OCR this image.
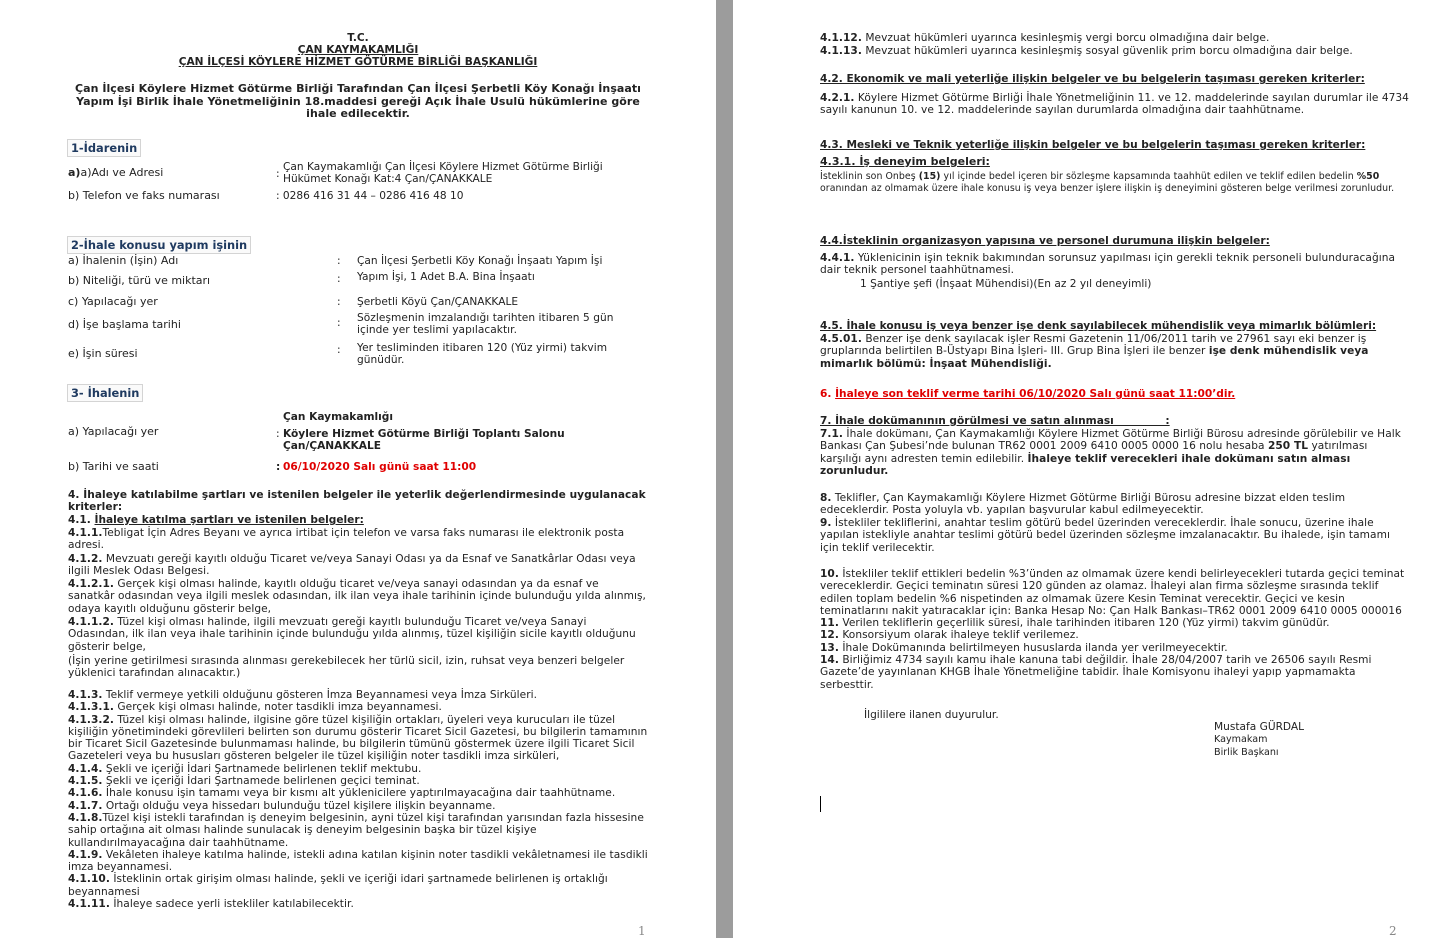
T.C.
ÇAN KAYMAKAMLIĞI
ÇAN İLÇESİ KÖYLERE HİZMET GÖTÜRME BİRLİĞİ BAŞKANLIĞI
Çan İlçesi Köylere Hizmet Götürme Birliği Tarafından Çan İlçesi Şerbetli Köy Konağı İnşaatı Yapım İşi Birlik İhale Yönetmeliğinin 18.maddesi gereği Açık İhale Usulü hükümlerine göre ihale edilecektir.
1-İdarenin
a)a)Adı ve Adresi	:
Çan Kaymakamlığı Çan İlçesi Köylere Hizmet Götürme Birliği
Hükümet Konağı Kat:4 Çan/ÇANAKKALE
b) Telefon ve faks numarası	: 0286 416 31 44 – 0286 416 48 10
2-İhale konusu yapım işinin
a) İhalenin (İşin) Adı	: Çan İlçesi Şerbetli Köy Konağı İnşaatı Yapım İşi
b) Niteliği, türü ve miktarı	: Yapım İşi, 1 Adet B.A. Bina İnşaatı
c) Yapılacağı yer	: Şerbetli Köyü Çan/ÇANAKKALE
d) İşe başlama tarihi	: Sözleşmenin imzalandığı tarihten itibaren 5 gün içinde yer teslimi yapılacaktır.
e) İşin süresi	: Yer tesliminden itibaren 120 (Yüz yirmi) takvim günüdür.
3- İhalenin
Çan Kaymakamlığı
a) Yapılacağı yer	: Köylere Hizmet Götürme Birliği Toplantı Salonu
Çan/ÇANAKKALE
b) Tarihi ve saati	: 06/10/2020 Salı günü saat 11:00
4. İhaleye katılabilme şartları ve istenilen belgeler ile yeterlik değerlendirmesinde uygulanacak kriterler:
4.1. İhaleye katılma şartları ve istenilen belgeler:
4.1.1.Tebligat İçin Adres Beyanı ve ayrıca irtibat için telefon ve varsa faks numarası ile elektronik posta adresi.
4.1.2. Mevzuatı gereği kayıtlı olduğu Ticaret ve/veya Sanayi Odası ya da Esnaf ve Sanatkârlar Odası veya ilgili Meslek Odası Belgesi.
4.1.2.1. Gerçek kişi olması halinde, kayıtlı olduğu ticaret ve/veya sanayi odasından ya da esnaf ve sanatkâr odasından veya ilgili meslek odasından, ilk ilan veya ihale tarihinin içinde bulunduğu yılda alınmış, odaya kayıtlı olduğunu gösterir belge,
4.1.1.2. Tüzel kişi olması halinde, ilgili mevzuatı gereği kayıtlı bulunduğu Ticaret ve/veya Sanayi Odasından, ilk ilan veya ihale tarihinin içinde bulunduğu yılda alınmış, tüzel kişiliğin sicile kayıtlı olduğunu gösterir belge,
(İşin yerine getirilmesi sırasında alınması gerekebilecek her türlü sicil, izin, ruhsat veya benzeri belgeler yüklenici tarafından alınacaktır.)
4.1.3. Teklif vermeye yetkili olduğunu gösteren İmza Beyannamesi veya İmza Sirküleri.
4.1.3.1. Gerçek kişi olması halinde, noter tasdikli imza beyannamesi.
4.1.3.2. Tüzel kişi olması halinde, ilgisine göre tüzel kişiliğin ortakları, üyeleri veya kurucuları ile tüzel kişiliğin yönetimindeki görevlileri belirten son durumu gösterir Ticaret Sicil Gazetesi, bu bilgilerin tamamının bir Ticaret Sicil Gazetesinde bulunmaması halinde, bu bilgilerin tümünü göstermek üzere ilgili Ticaret Sicil Gazeteleri veya bu hususları gösteren belgeler ile tüzel kişiliğin noter tasdikli imza sirküleri,
4.1.4. Şekli ve içeriği İdari Şartnamede belirlenen teklif mektubu.
4.1.5. Şekli ve içeriği İdari Şartnamede belirlenen geçici teminat.
4.1.6. İhale konusu işin tamamı veya bir kısmı alt yüklenicilere yaptırılmayacağına dair taahhütname.
4.1.7. Ortağı olduğu veya hissedarı bulunduğu tüzel kişilere ilişkin beyanname.
4.1.8.Tüzel kişi istekli tarafından iş deneyim belgesinin, ayni tüzel kişi tarafından yarısından fazla hissesine sahip ortağına ait olması halinde sunulacak iş deneyim belgesinin başka bir tüzel kişiye kullandırılmayacağına dair taahhütname.
4.1.9. Vekâleten ihaleye katılma halinde, istekli adına katılan kişinin noter tasdikli vekâletnamesi ile tasdikli imza beyannamesi.
4.1.10. İsteklinin ortak girişim olması halinde, şekli ve içeriği idari şartnamede belirlenen iş ortaklığı beyannamesi
4.1.11. İhaleye sadece yerli istekliler katılabilecektir.
1
4.1.12. Mevzuat hükümleri uyarınca kesinleşmiş vergi borcu olmadığına dair belge.
4.1.13. Mevzuat hükümleri uyarınca kesinleşmiş sosyal güvenlik prim borcu olmadığına dair belge.
4.2. Ekonomik ve mali yeterliğe ilişkin belgeler ve bu belgelerin taşıması gereken kriterler:
4.2.1. Köylere Hizmet Götürme Birliği İhale Yönetmeliğinin 11. ve 12. maddelerinde sayılan durumlar ile 4734 sayılı kanunun 10. ve 12. maddelerinde sayılan durumlarda olmadığına dair taahhütname.
4.3. Mesleki ve Teknik yeterliğe ilişkin belgeler ve bu belgelerin taşıması gereken kriterler:
4.3.1. İş deneyim belgeleri:
İsteklinin son Onbeş (15) yıl içinde bedel içeren bir sözleşme kapsamında taahhüt edilen ve teklif edilen bedelin %50 oranından az olmamak üzere ihale konusu iş veya benzer işlere ilişkin iş deneyimini gösteren belge verilmesi zorunludur.
4.4.İsteklinin organizasyon yapısına ve personel durumuna ilişkin belgeler:
4.4.1. Yüklenicinin işin teknik bakımından sorunsuz yapılması için gerekli teknik personeli bulunduracağına dair teknik personel taahhütnamesi.
1 Şantiye şefi (İnşaat Mühendisi)(En az 2 yıl deneyimli)
4.5. İhale konusu iş veya benzer işe denk sayılabilecek mühendislik veya mimarlık bölümleri:
4.5.01. Benzer işe denk sayılacak işler Resmi Gazetenin 11/06/2011 tarih ve 27961 sayı eki benzer iş gruplarında belirtilen B-Üstyapı Bina İşleri- III. Grup Bina İşleri ile benzer işe denk mühendislik veya mimarlık bölümü: İnşaat Mühendisliği.
6. İhaleye son teklif verme tarihi 06/10/2020 Salı günü saat 11:00’dir.
7. İhale dokümanının görülmesi ve satın alınması              :
7.1. İhale dokümanı, Çan Kaymakamlığı Köylere Hizmet Götürme Birliği Bürosu adresinde görülebilir ve Halk Bankası Çan Şubesi’nde bulunan TR62 0001 2009 6410 0005 0000 16 nolu hesaba 250 TL yatırılması karşılığı aynı adresten temin edilebilir. İhaleye teklif verecekleri ihale dokümanı satın alması zorunludur.
8. Teklifler, Çan Kaymakamlığı Köylere Hizmet Götürme Birliği Bürosu adresine bizzat elden teslim edeceklerdir. Posta yoluyla vb. yapılan başvurular kabul edilmeyecektir.
9. İstekliler tekliflerini, anahtar teslim götürü bedel üzerinden vereceklerdir. İhale sonucu, üzerine ihale yapılan istekliyle anahtar teslimi götürü bedel üzerinden sözleşme imzalanacaktır. Bu ihalede, işin tamamı için teklif verilecektir.
10. İstekliler teklif ettikleri bedelin %3’ünden az olmamak üzere kendi belirleyecekleri tutarda geçici teminat vereceklerdir. Geçici teminatın süresi 120 günden az olamaz. İhaleyi alan firma sözleşme sırasında teklif edilen toplam bedelin %6 nispetinden az olmamak üzere Kesin Teminat verecektir. Geçici ve kesin teminatlarını nakit yatıracaklar için: Banka Hesap No: Çan Halk Bankası–TR62 0001 2009 6410 0005 000016
11. Verilen tekliflerin geçerlilik süresi, ihale tarihinden itibaren 120 (Yüz yirmi) takvim günüdür.
12. Konsorsiyum olarak ihaleye teklif verilemez.
13. İhale Dokümanında belirtilmeyen hususlarda ilanda yer verilmeyecektir.
14. Birliğimiz 4734 sayılı kamu ihale kanuna tabi değildir. İhale 28/04/2007 tarih ve 26506 sayılı Resmi Gazete’de yayınlanan KHGB İhale Yönetmeliğine tabidir. İhale Komisyonu ihaleyi yapıp yapmamakta serbesttir.
İlgililere ilanen duyurulur.
Mustafa GÜRDAL
Kaymakam
Birlik Başkanı
2
